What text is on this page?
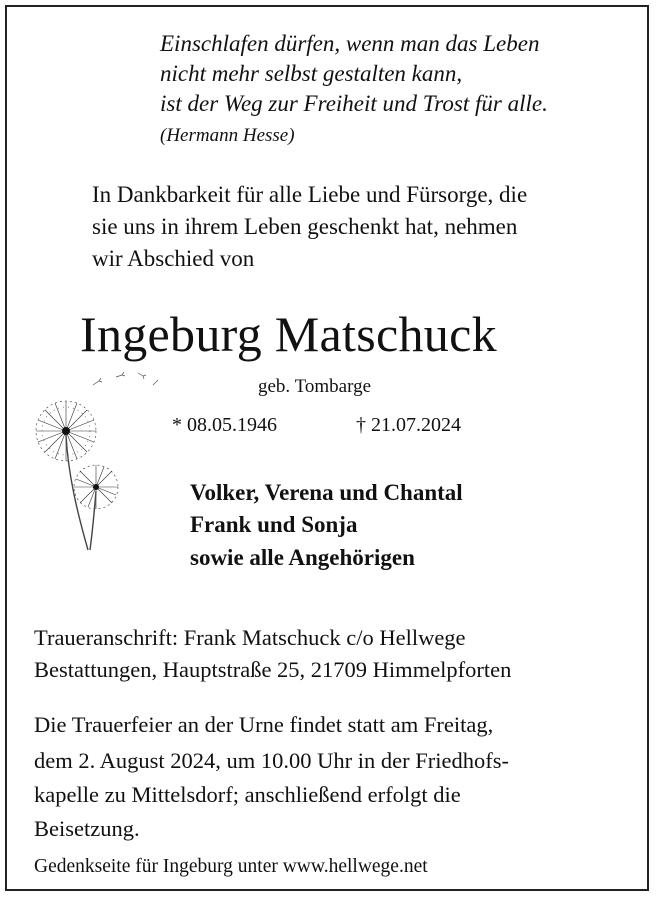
Einschlafen dürfen, wenn man das Leben
nicht mehr selbst gestalten kann,
ist der Weg zur Freiheit und Trost für alle.
(Hermann Hesse)
In Dankbarkeit für alle Liebe und Fürsorge, die
sie uns in ihrem Leben geschenkt hat, nehmen
wir Abschied von
Ingeburg Matschuck
geb. Tombarge
* 08.05.1946	† 21.07.2024
Volker, Verena und Chantal
Frank und Sonja
sowie alle Angehörigen
Traueranschrift: Frank Matschuck c/o Hellwege
Bestattungen, Hauptstraße 25, 21709 Himmelpforten
Die Trauerfeier an der Urne findet statt am Freitag,
dem 2. August 2024, um 10.00 Uhr in der Friedhofs-
kapelle zu Mittelsdorf; anschließend erfolgt die
Beisetzung.
Gedenkseite für Ingeburg unter www.hellwege.net
